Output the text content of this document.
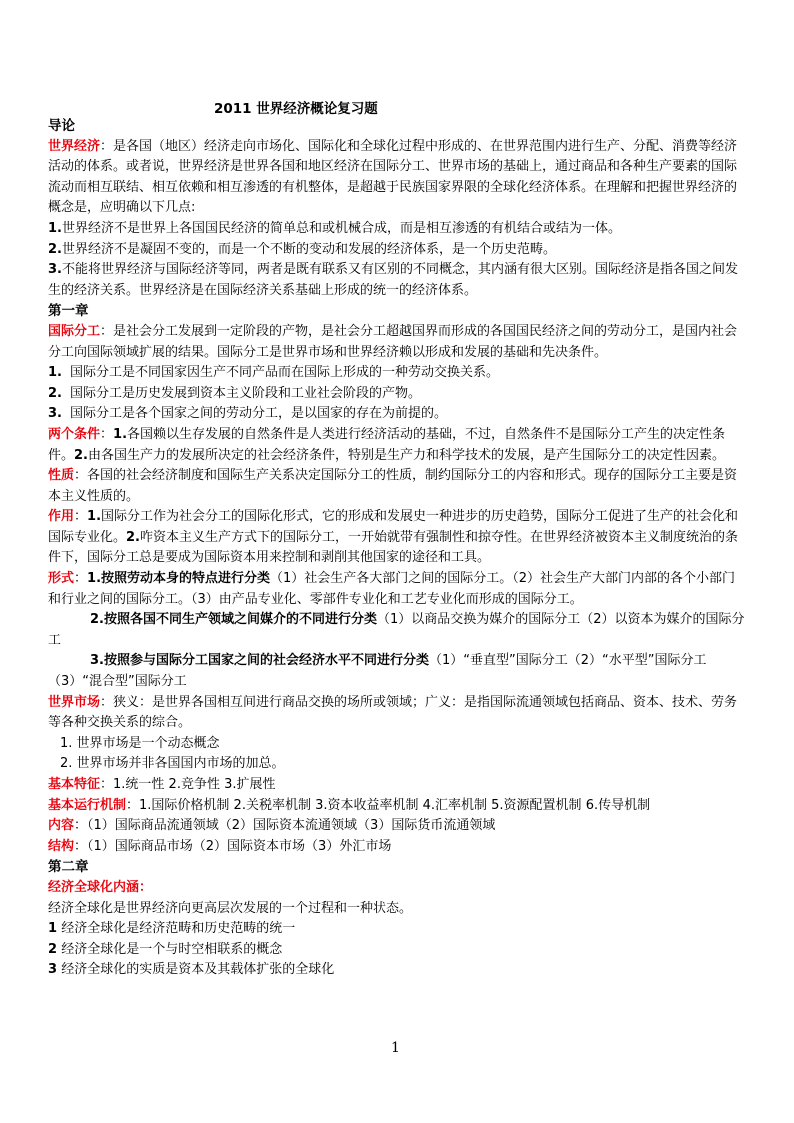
2011 世界经济概论复习题

导论

世界经济：是各国（地区）经济走向市场化、国际化和全球化过程中形成的、在世界范围内进行生产、分配、消费等经济活动的体系。或者说，世界经济是世界各国和地区经济在国际分工、世界市场的基础上，通过商品和各种生产要素的国际流动而相互联结、相互依赖和相互渗透的有机整体，是超越于民族国家界限的全球化经济体系。在理解和把握世界经济的概念是，应明确以下几点:

1.世界经济不是世界上各国国民经济的简单总和或机械合成，而是相互渗透的有机结合或结为一体。
2.世界经济不是凝固不变的，而是一个不断的变动和发展的经济体系，是一个历史范畴。
3.不能将世界经济与国际经济等同，两者是既有联系又有区别的不同概念，其内涵有很大区别。国际经济是指各国之间发生的经济关系。世界经济是在国际经济关系基础上形成的统一的经济体系。

第一章

国际分工：是社会分工发展到一定阶段的产物，是社会分工超越国界而形成的各国国民经济之间的劳动分工，是国内社会分工向国际领域扩展的结果。国际分工是世界市场和世界经济赖以形成和发展的基础和先决条件。

1. 国际分工是不同国家因生产不同产品而在国际上形成的一种劳动交换关系。
2. 国际分工是历史发展到资本主义阶段和工业社会阶段的产物。
3. 国际分工是各个国家之间的劳动分工，是以国家的存在为前提的。

两个条件：1.各国赖以生存发展的自然条件是人类进行经济活动的基础，不过，自然条件不是国际分工产生的决定性条件。2.由各国生产力的发展所决定的社会经济条件，特别是生产力和科学技术的发展，是产生国际分工的决定性因素。

性质：各国的社会经济制度和国际生产关系决定国际分工的性质，制约国际分工的内容和形式。现存的国际分工主要是资本主义性质的。

作用：1.国际分工作为社会分工的国际化形式，它的形成和发展史一种进步的历史趋势，国际分工促进了生产的社会化和国际专业化。2.咋资本主义生产方式下的国际分工，一开始就带有强制性和掠夺性。在世界经济被资本主义制度统治的条件下，国际分工总是要成为国际资本用来控制和剥削其他国家的途径和工具。

形式：1.按照劳动本身的特点进行分类（1）社会生产各大部门之间的国际分工。（2）社会生产大部门内部的各个小部门和行业之间的国际分工。（3）由产品专业化、零部件专业化和工艺专业化而形成的国际分工。

2.按照各国不同生产领域之间媒介的不同进行分类（1）以商品交换为媒介的国际分工（2）以资本为媒介的国际分工

3.按照参与国际分工国家之间的社会经济水平不同进行分类（1）“垂直型”国际分工（2）“水平型”国际分工（3）“混合型”国际分工

世界市场：狭义：是世界各国相互间进行商品交换的场所或领域；广义：是指国际流通领域包括商品、资本、技术、劳务等各种交换关系的综合。

1. 世界市场是一个动态概念
2. 世界市场并非各国国内市场的加总。

基本特征：1.统一性 2.竞争性 3.扩展性

基本运行机制：1.国际价格机制 2.关税率机制 3.资本收益率机制 4.汇率机制 5.资源配置机制 6.传导机制

内容：（1）国际商品流通领域（2）国际资本流通领域（3）国际货币流通领域

结构：（1）国际商品市场（2）国际资本市场（3）外汇市场

第二章

经济全球化内涵：

经济全球化是世界经济向更高层次发展的一个过程和一种状态。

1 经济全球化是经济范畴和历史范畴的统一
2 经济全球化是一个与时空相联系的概念
3 经济全球化的实质是资本及其载体扩张的全球化
1
